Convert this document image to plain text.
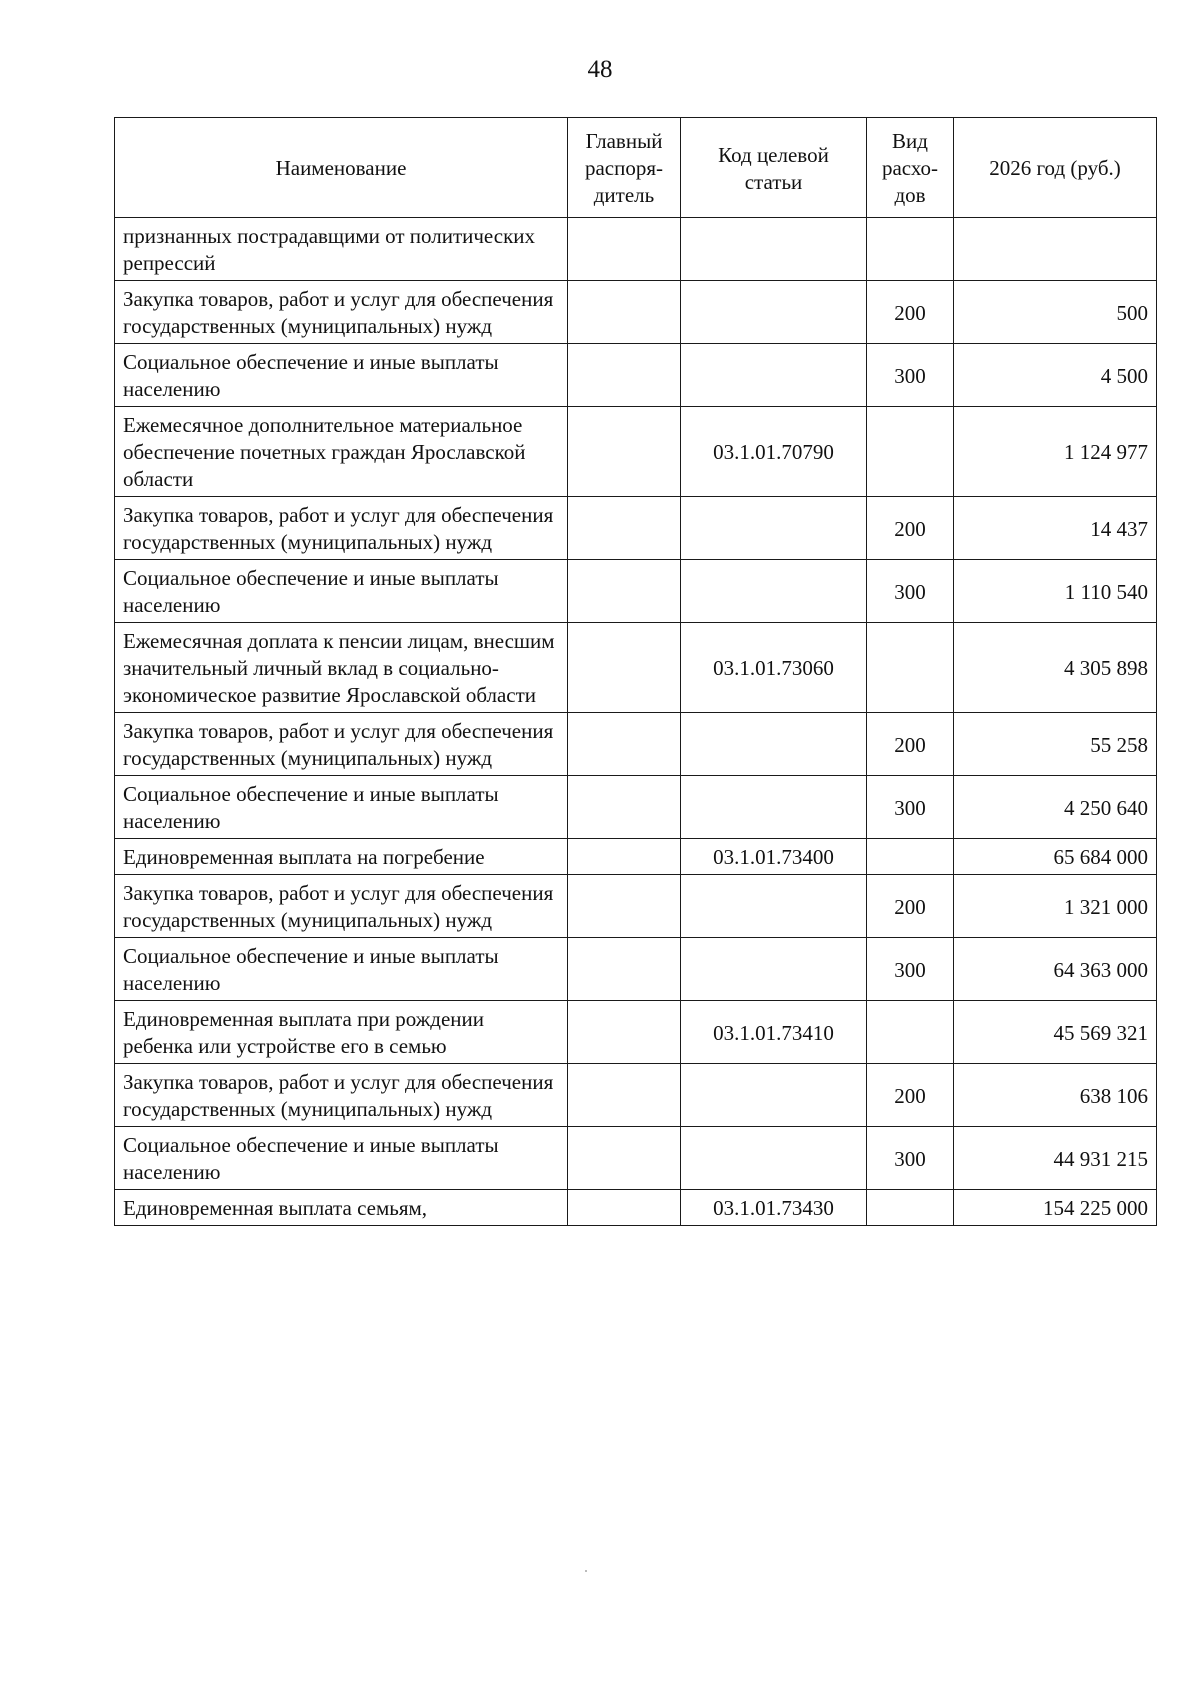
48
Наименование	Главный распоря-дитель	Код целевой статьи	Вид расхо-дов	2026 год (руб.)
признанных пострадавщими от политических репрессий				
Закупка товаров, работ и услуг для обеспечения государственных (муниципальных) нужд			200	500
Социальное обеспечение и иные выплаты населению			300	4 500
Ежемесячное дополнительное материальное обеспечение почетных граждан Ярославской области		03.1.01.70790		1 124 977
Закупка товаров, работ и услуг для обеспечения государственных (муниципальных) нужд			200	14 437
Социальное обеспечение и иные выплаты населению			300	1 110 540
Ежемесячная доплата к пенсии лицам, внесшим значительный личный вклад в социально-экономическое развитие Ярославской области		03.1.01.73060		4 305 898
Закупка товаров, работ и услуг для обеспечения государственных (муниципальных) нужд			200	55 258
Социальное обеспечение и иные выплаты населению			300	4 250 640
Единовременная выплата на погребение		03.1.01.73400		65 684 000
Закупка товаров, работ и услуг для обеспечения государственных (муниципальных) нужд			200	1 321 000
Социальное обеспечение и иные выплаты населению			300	64 363 000
Единовременная выплата при рождении ребенка или устройстве его в семью		03.1.01.73410		45 569 321
Закупка товаров, работ и услуг для обеспечения государственных (муниципальных) нужд			200	638 106
Социальное обеспечение и иные выплаты населению			300	44 931 215
Единовременная выплата семьям,		03.1.01.73430		154 225 000
